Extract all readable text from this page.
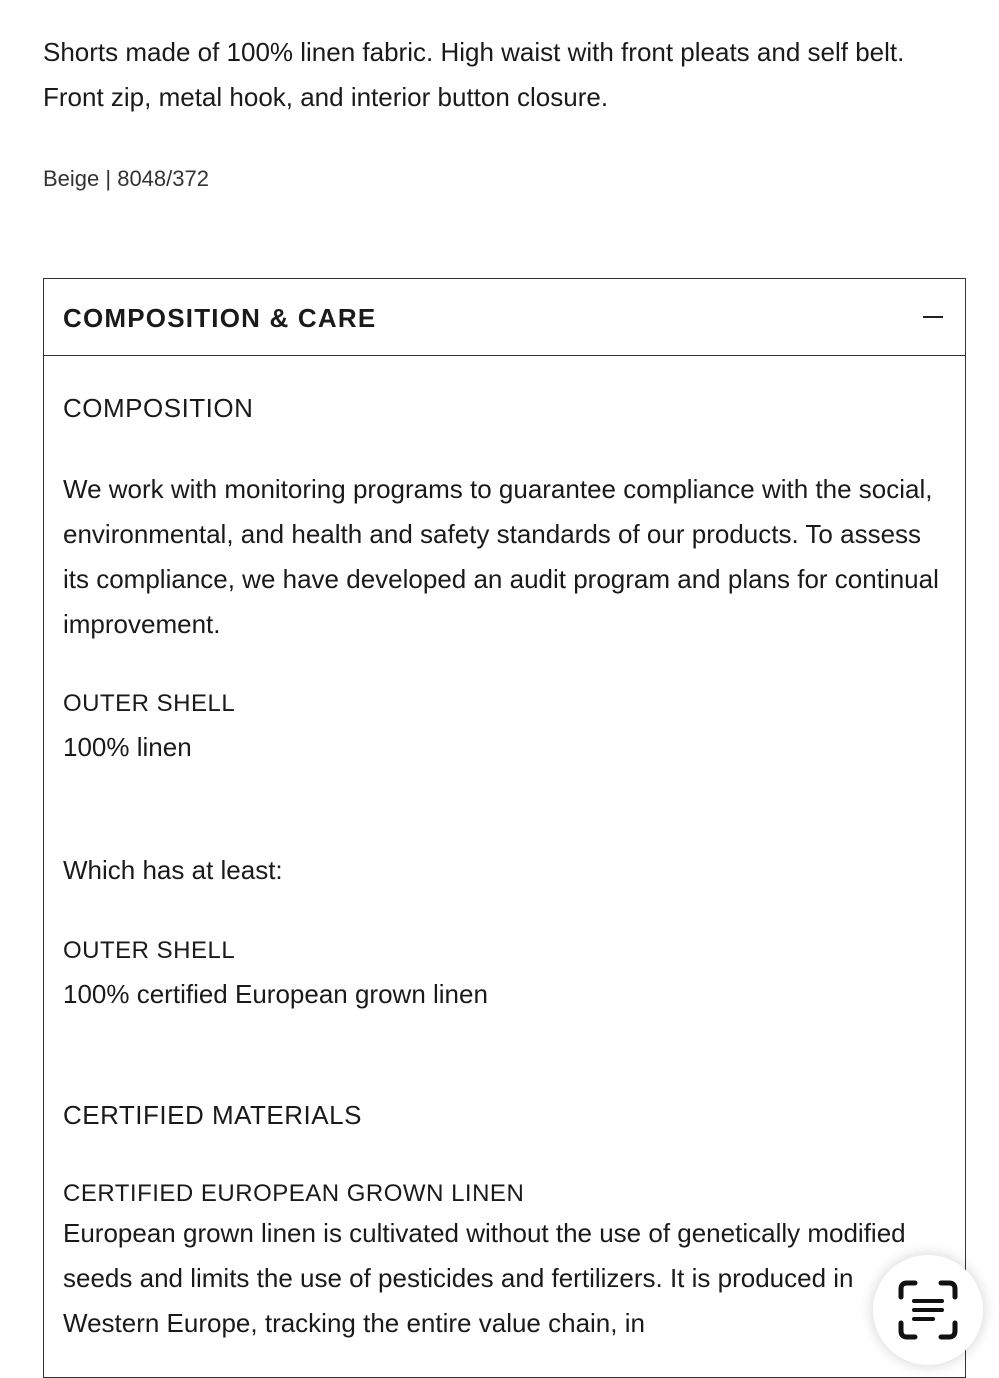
Shorts made of 100% linen fabric. High waist with front pleats and self belt. Front zip, metal hook, and interior button closure.

Beige | 8048/372

COMPOSITION & CARE

COMPOSITION

We work with monitoring programs to guarantee compliance with the social, environmental, and health and safety standards of our products. To assess its compliance, we have developed an audit program and plans for continual improvement.

OUTER SHELL

100% linen

Which has at least:

OUTER SHELL

100% certified European grown linen

CERTIFIED MATERIALS

CERTIFIED EUROPEAN GROWN LINEN

European grown linen is cultivated without the use of genetically modified seeds and limits the use of pesticides and fertilizers. It is produced in Western Europe, tracking the entire value chain, in
